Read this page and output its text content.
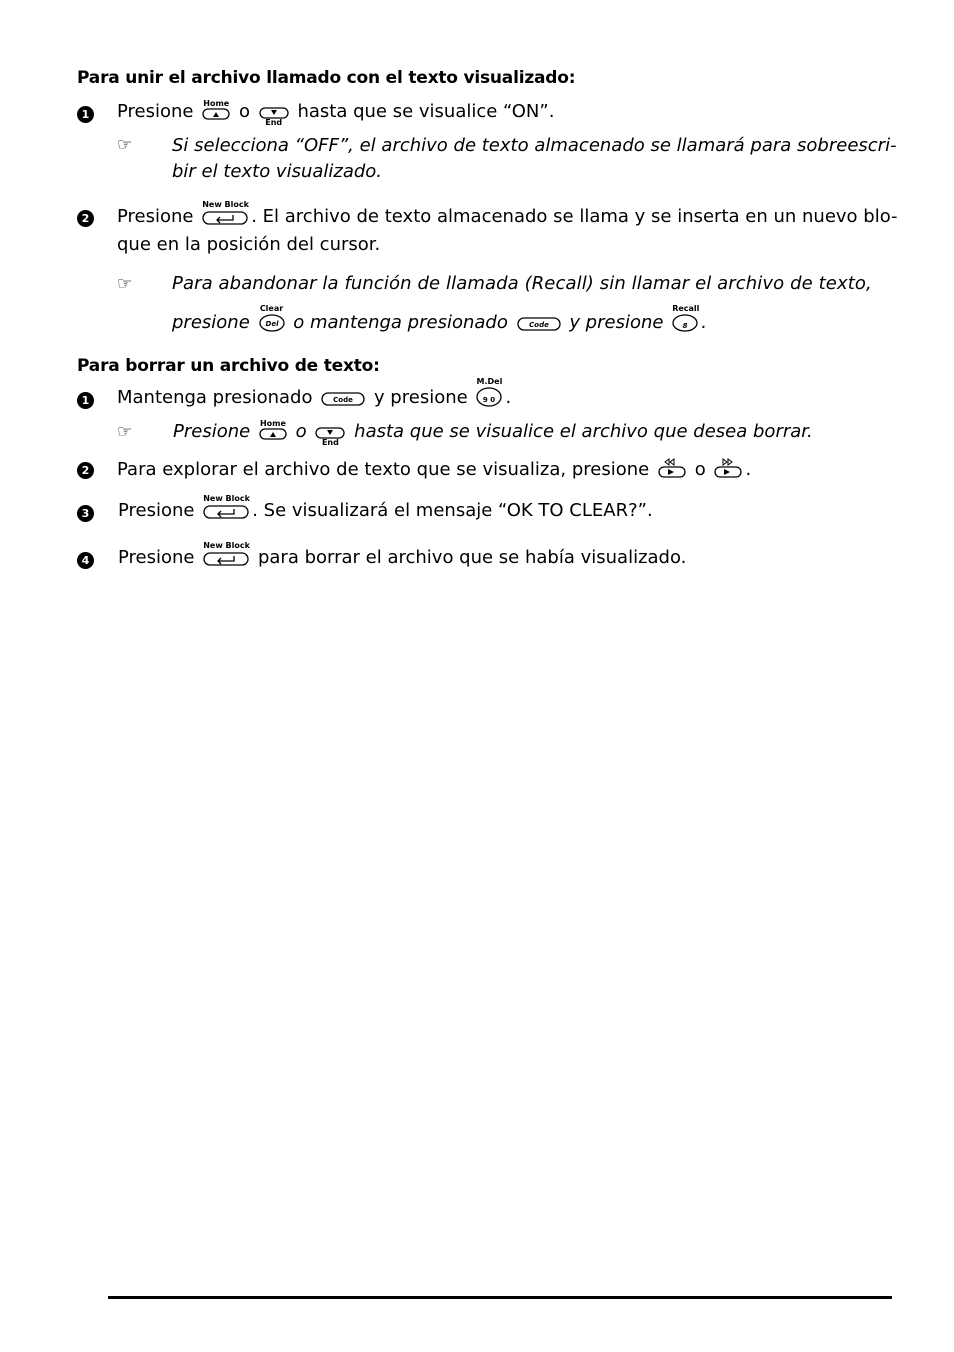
Para unir el archivo llamado con el texto visualizado:
1 Presione Home o
End
hasta que se visualice “ON”.
☞ Si selecciona “OFF”, el archivo de texto almacenado se llamará para sobreescri-
bir el texto visualizado.
2 Presione
New Block
. El archivo de texto almacenado se llama y se inserta en un nuevo blo-
que en la posición del cursor.
☞ Para abandonar la función de llamada (Recall) sin llamar el archivo de texto,
presione
Clear
Del o mantenga presionado	Code y presione
Recall
8 .
Para borrar un archivo de texto:
1 Mantenga presionado	Code y presione
M.Del
9 0 .
☞ Presione Home o
End
hasta que se visualice el archivo que desea borrar.
2 Para explorar el archivo de texto que se visualiza, presione	o .
3 Presione
New Block
. Se visualizará el mensaje “OK TO CLEAR?”.
4 Presione
New Block
para borrar el archivo que se había visualizado.
